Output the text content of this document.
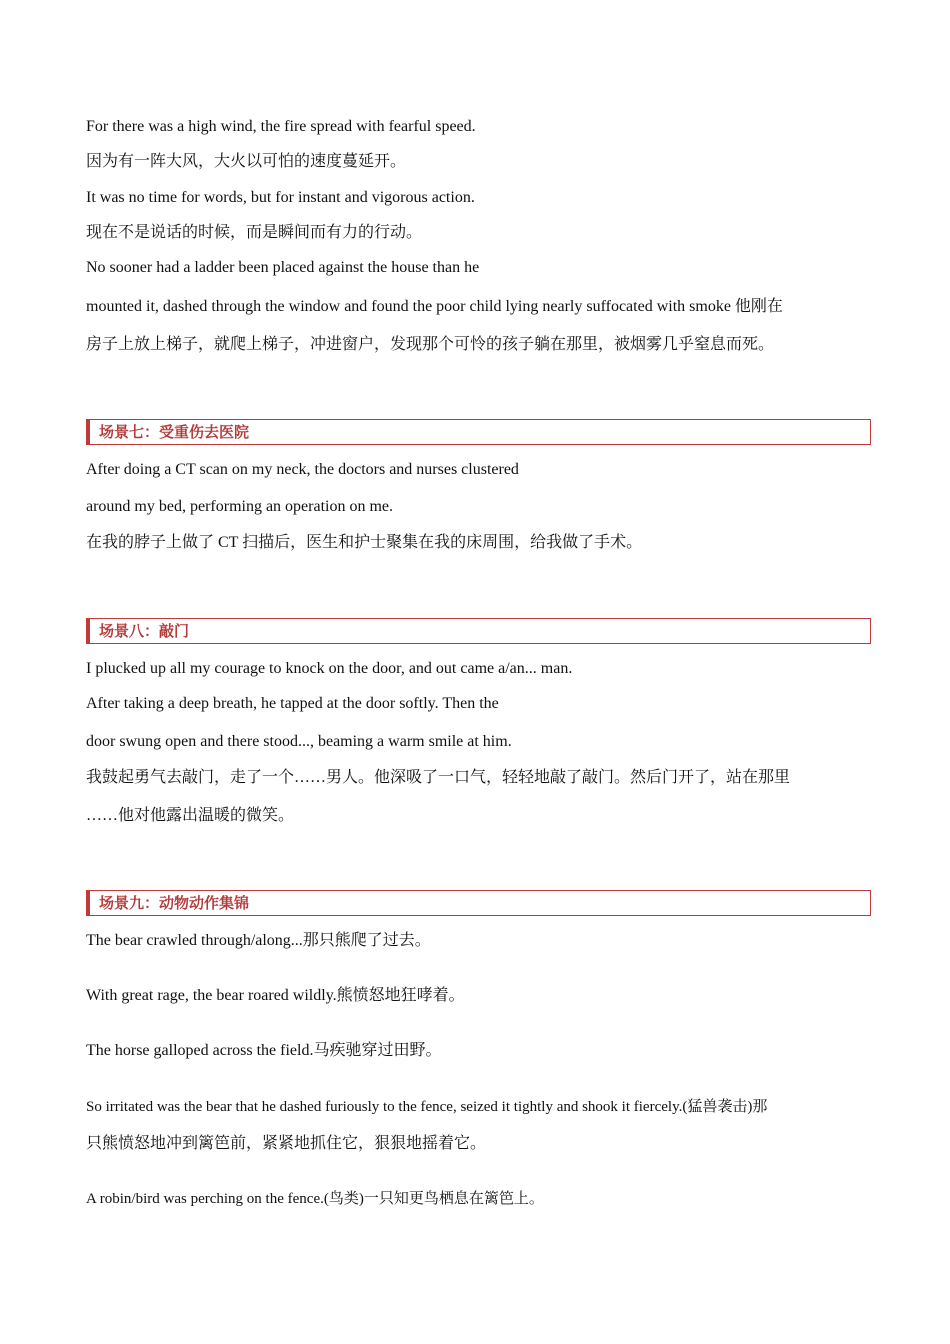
For there was a high wind, the fire spread with fearful speed.
因为有一阵大风，大火以可怕的速度蔓延开。
It was no time for words, but for instant and vigorous action.
现在不是说话的时候，而是瞬间而有力的行动。
No sooner had a ladder been placed against the house than he
mounted it, dashed through the window and found the poor child lying nearly suffocated with smoke 他刚在
房子上放上梯子，就爬上梯子，冲进窗户，发现那个可怜的孩子躺在那里，被烟雾几乎窒息而死。
场景七：受重伤去医院
After doing a CT scan on my neck, the doctors and nurses clustered
around my bed, performing an operation on me.
在我的脖子上做了 CT 扫描后，医生和护士聚集在我的床周围，给我做了手术。
场景八：敲门
I plucked up all my courage to knock on the door, and out came a/an... man.
After taking a deep breath, he tapped at the door softly. Then the
door swung open and there stood..., beaming a warm smile at him.
我鼓起勇气去敲门，走了一个……男人。他深吸了一口气，轻轻地敲了敲门。然后门开了，站在那里
……他对他露出温暖的微笑。
场景九：动物动作集锦
The bear crawled through/along...那只熊爬了过去。
With great rage, the bear roared wildly.熊愤怒地狂哮着。
The horse galloped across the field.马疾驰穿过田野。
So irritated was the bear that he dashed furiously to the fence, seized it tightly and shook it fiercely.(猛兽袭击)那
只熊愤怒地冲到篱笆前，紧紧地抓住它，狠狠地摇着它。
A robin/bird was perching on the fence.(鸟类)一只知更鸟栖息在篱笆上。
